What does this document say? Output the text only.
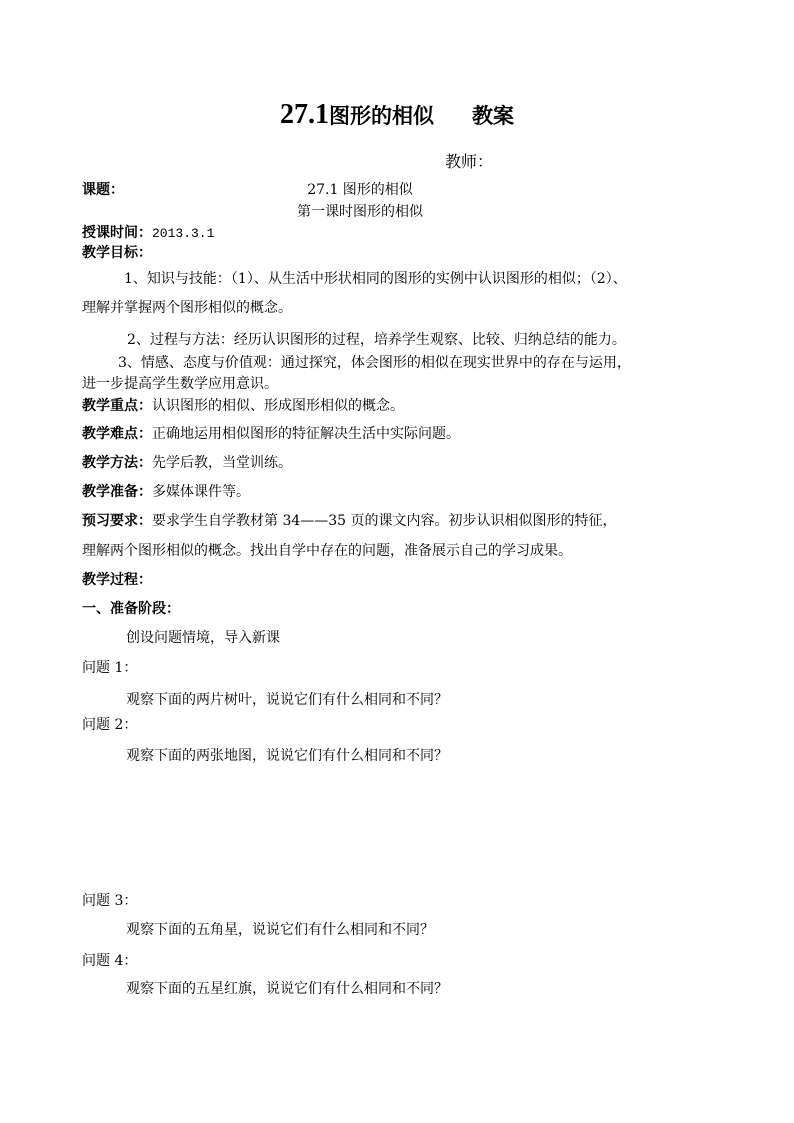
27.1图形的相似 教案
教师：
课题：	27.1 图形的相似
第一课时图形的相似
授课时间：2013.3.1
教学目标：
1、知识与技能：（1）、从生活中形状相同的图形的实例中认识图形的相似；（2）、
理解并掌握两个图形相似的概念。
2、过程与方法：经历认识图形的过程，培养学生观察、比较、归纳总结的能力。
3、情感、态度与价值观：通过探究，体会图形的相似在现实世界中的存在与运用，
进一步提高学生数学应用意识。
教学重点：认识图形的相似、形成图形相似的概念。
教学难点：正确地运用相似图形的特征解决生活中实际问题。
教学方法：先学后教，当堂训练。
教学准备：多媒体课件等。
预习要求：要求学生自学教材第 34——35 页的课文内容。初步认识相似图形的特征，
理解两个图形相似的概念。找出自学中存在的问题，准备展示自己的学习成果。
教学过程：
一、准备阶段：
创设问题情境，导入新课
问题 1：
观察下面的两片树叶，说说它们有什么相同和不同？
问题 2：
观察下面的两张地图，说说它们有什么相同和不同？
问题 3：
观察下面的五角星，说说它们有什么相同和不同？
问题 4：
观察下面的五星红旗，说说它们有什么相同和不同？
